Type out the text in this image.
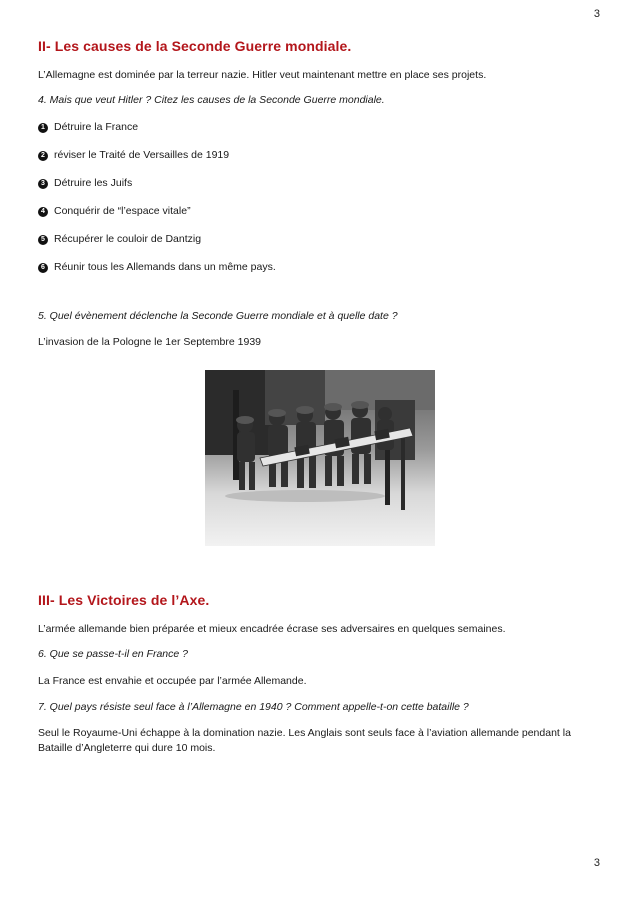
3
II- Les causes de la Seconde Guerre mondiale.

L’Allemagne est dominée par la terreur nazie. Hitler veut maintenant mettre en place ses projets.

4. Mais que veut Hitler ? Citez les causes de la Seconde Guerre mondiale.

1 Détruire la France
2 réviser le Traité de Versailles de 1919
3 Détruire les Juifs
4 Conquérir de “l’espace vitale”
5 Récupérer le couloir de Dantzig
6 Réunir tous les Allemands dans un même pays.

5. Quel évènement déclenche la Seconde Guerre mondiale et à quelle date ?

L’invasion de la Pologne le 1er Septembre 1939

III- Les Victoires de l’Axe.

L’armée allemande bien préparée et mieux encadrée écrase ses adversaires en quelques semaines.

6. Que se passe-t-il en France ?

La France est envahie et occupée par l’armée Allemande.

7. Quel pays résiste seul face à l’Allemagne en 1940 ? Comment appelle-t-on cette bataille ?

Seul le Royaume-Uni échappe à la domination nazie. Les Anglais sont seuls face à l’aviation allemande pendant la Bataille d’Angleterre qui dure 10 mois.

3
